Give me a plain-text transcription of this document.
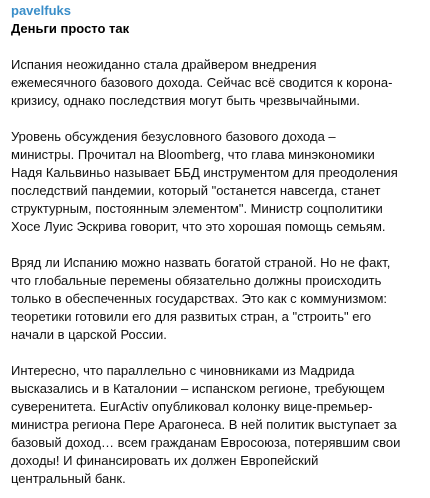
pavelfuks
Деньги просто так

Испания неожиданно стала драйвером внедрения
ежемесячного базового дохода. Сейчас всё сводится к корона-
кризису, однако последствия могут быть чрезвычайными.

Уровень обсуждения безусловного базового дохода –
министры. Прочитал на Bloomberg, что глава минэкономики
Надя Кальвиньо называет ББД инструментом для преодоления
последствий пандемии, который "останется навсегда, станет
структурным, постоянным элементом". Министр соцполитики
Хосе Луис Эскрива говорит, что это хорошая помощь семьям.

Вряд ли Испанию можно назвать богатой страной. Но не факт,
что глобальные перемены обязательно должны происходить
только в обеспеченных государствах. Это как с коммунизмом:
теоретики готовили его для развитых стран, а "строить" его
начали в царской России.

Интересно, что параллельно с чиновниками из Мадрида
высказались и в Каталонии – испанском регионе, требующем
суверенитета. EurActiv опубликовал колонку вице-премьер-
министра региона Пере Арагонеса. В ней политик выступает за
базовый доход… всем гражданам Евросоюза, потерявшим свои
доходы! И финансировать их должен Европейский
центральный банк.
